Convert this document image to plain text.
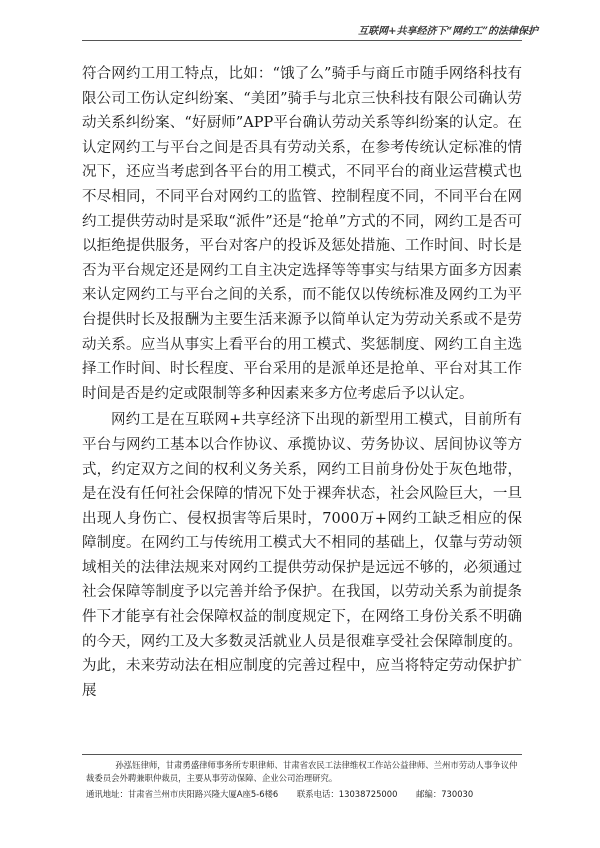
互联网+共享经济下“网约工”的法律保护

符合网约工用工特点，比如：“饿了么”骑手与商丘市随手网络科技有限公司工伤认定纠纷案、“美团”骑手与北京三快科技有限公司确认劳动关系纠纷案、“好厨师”APP平台确认劳动关系等纠纷案的认定。在认定网约工与平台之间是否具有劳动关系，在参考传统认定标准的情况下，还应当考虑到各平台的用工模式，不同平台的商业运营模式也不尽相同，不同平台对网约工的监管、控制程度不同，不同平台在网约工提供劳动时是采取“派件”还是“抢单”方式的不同，网约工是否可以拒绝提供服务，平台对客户的投诉及惩处措施、工作时间、时长是否为平台规定还是网约工自主决定选择等等事实与结果方面多方因素来认定网约工与平台之间的关系，而不能仅以传统标准及网约工为平台提供时长及报酬为主要生活来源予以简单认定为劳动关系或不是劳动关系。应当从事实上看平台的用工模式、奖惩制度、网约工自主选择工作时间、时长程度、平台采用的是派单还是抢单、平台对其工作时间是否是约定或限制等多种因素来多方位考虑后予以认定。

网约工是在互联网+共享经济下出现的新型用工模式，目前所有平台与网约工基本以合作协议、承揽协议、劳务协议、居间协议等方式，约定双方之间的权利义务关系，网约工目前身份处于灰色地带，是在没有任何社会保障的情况下处于裸奔状态，社会风险巨大，一旦出现人身伤亡、侵权损害等后果时，7000万+网约工缺乏相应的保障制度。在网约工与传统用工模式大不相同的基础上，仅靠与劳动领域相关的法律法规来对网约工提供劳动保护是远远不够的，必须通过社会保障等制度予以完善并给予保护。在我国，以劳动关系为前提条件下才能享有社会保障权益的制度规定下，在网络工身份关系不明确的今天，网约工及大多数灵活就业人员是很难享受社会保障制度的。为此，未来劳动法在相应制度的完善过程中，应当将特定劳动保护扩展

孙泓钰律师，甘肃勇盛律师事务所专职律师、甘肃省农民工法律维权工作站公益律师、兰州市劳动人事争议仲裁委员会外聘兼职仲裁员，主要从事劳动保障、企业公司治理研究。
通讯地址：甘肃省兰州市庆阳路兴隆大厦A座5-6楼6 联系电话：13038725000 邮编：730030
